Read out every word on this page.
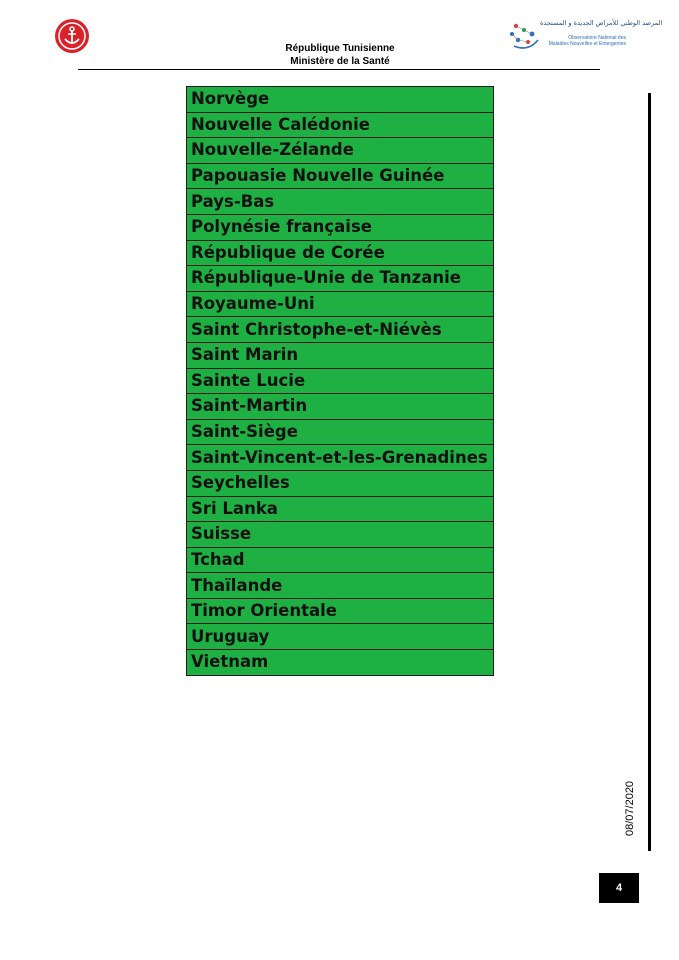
المرصد الوطني للأمراض الجديدة و المستجدة
Observatoire National des
Maladies Nouvelles et Emergentes
République Tunisienne
Ministère de la Santé
Norvège
Nouvelle Calédonie
Nouvelle-Zélande
Papouasie Nouvelle Guinée
Pays-Bas
Polynésie française
République de Corée
République-Unie de Tanzanie
Royaume-Uni
Saint Christophe-et-Niévès
Saint Marin
Sainte Lucie
Saint-Martin
Saint-Siège
Saint-Vincent-et-les-Grenadines
Seychelles
Sri Lanka
Suisse
Tchad
Thaïlande
Timor Orientale
Uruguay
Vietnam
08/07/2020
4
